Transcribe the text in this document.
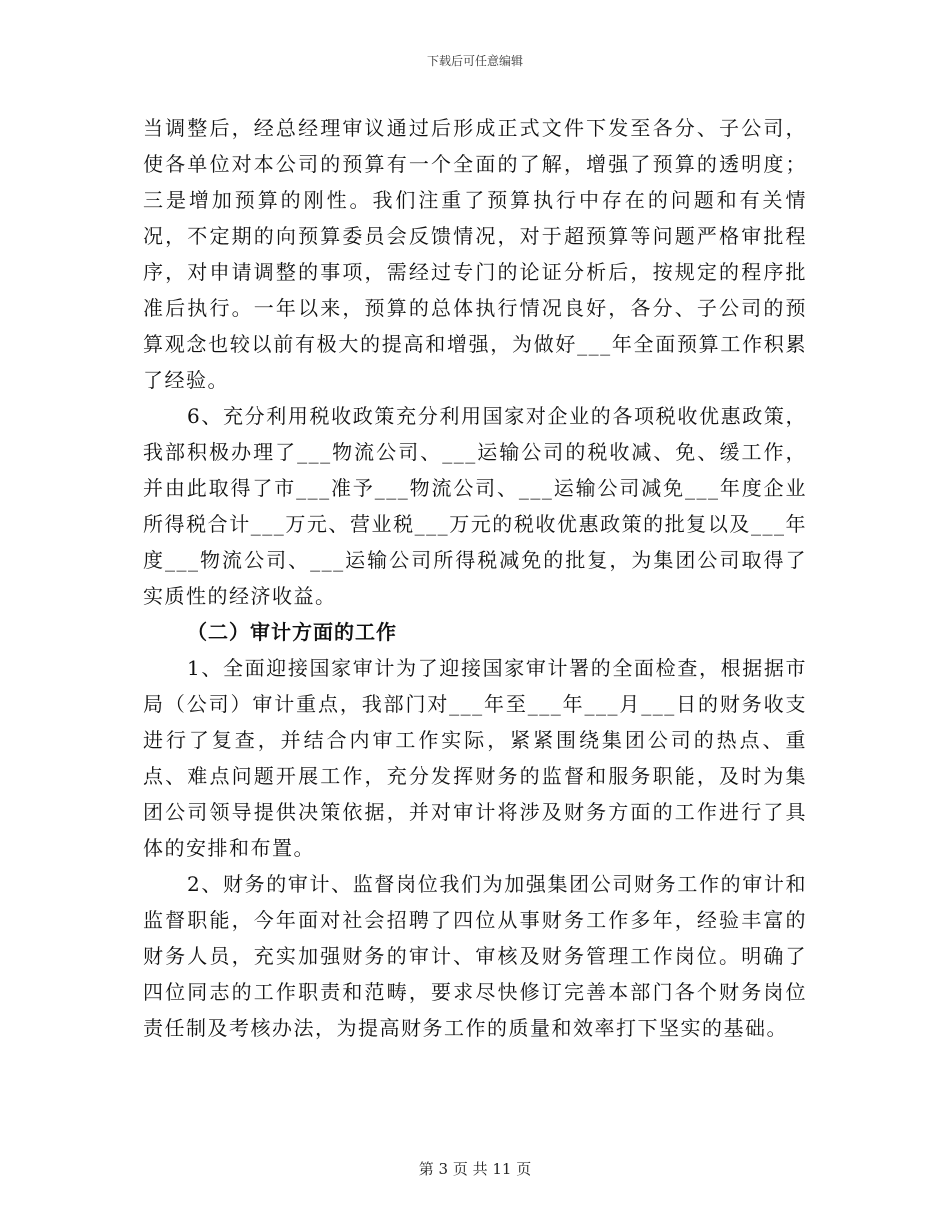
下载后可任意编辑

当调整后，经总经理审议通过后形成正式文件下发至各分、子公司，使各单位对本公司的预算有一个全面的了解，增强了预算的透明度；三是增加预算的刚性。我们注重了预算执行中存在的问题和有关情况，不定期的向预算委员会反馈情况，对于超预算等问题严格审批程序，对申请调整的事项，需经过专门的论证分析后，按规定的程序批准后执行。一年以来，预算的总体执行情况良好，各分、子公司的预算观念也较以前有极大的提高和增强，为做好___年全面预算工作积累了经验。

6、充分利用税收政策充分利用国家对企业的各项税收优惠政策，我部积极办理了___物流公司、___运输公司的税收减、免、缓工作，并由此取得了市___准予___物流公司、___运输公司减免___年度企业所得税合计___万元、营业税___万元的税收优惠政策的批复以及___年度___物流公司、___运输公司所得税减免的批复，为集团公司取得了实质性的经济收益。

（二）审计方面的工作

1、全面迎接国家审计为了迎接国家审计署的全面检查，根据据市局（公司）审计重点，我部门对___年至___年___月___日的财务收支进行了复查，并结合内审工作实际，紧紧围绕集团公司的热点、重点、难点问题开展工作，充分发挥财务的监督和服务职能，及时为集团公司领导提供决策依据，并对审计将涉及财务方面的工作进行了具体的安排和布置。

2、财务的审计、监督岗位我们为加强集团公司财务工作的审计和监督职能，今年面对社会招聘了四位从事财务工作多年，经验丰富的财务人员，充实加强财务的审计、审核及财务管理工作岗位。明确了四位同志的工作职责和范畴，要求尽快修订完善本部门各个财务岗位责任制及考核办法，为提高财务工作的质量和效率打下坚实的基础。

第 3 页 共 11 页
